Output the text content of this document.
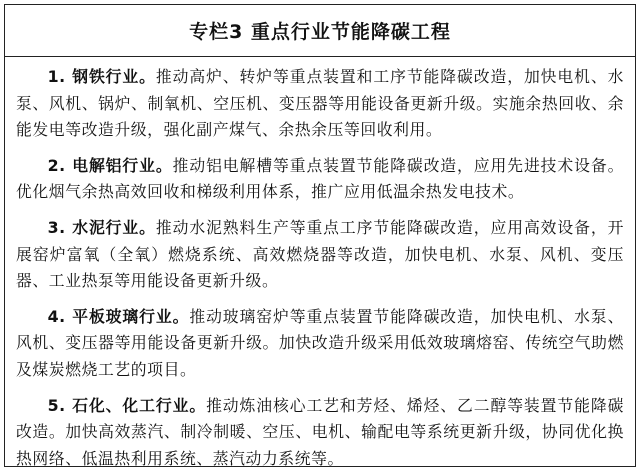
专栏3 重点行业节能降碳工程

1. 钢铁行业。推动高炉、转炉等重点装置和工序节能降碳改造，加快电机、水泵、风机、锅炉、制氧机、空压机、变压器等用能设备更新升级。实施余热回收、余能发电等改造升级，强化副产煤气、余热余压等回收利用。

2. 电解铝行业。推动铝电解槽等重点装置节能降碳改造，应用先进技术设备。优化烟气余热高效回收和梯级利用体系，推广应用低温余热发电技术。

3. 水泥行业。推动水泥熟料生产等重点工序节能降碳改造，应用高效设备，开展窑炉富氧（全氧）燃烧系统、高效燃烧器等改造，加快电机、水泵、风机、变压器、工业热泵等用能设备更新升级。

4. 平板玻璃行业。推动玻璃窑炉等重点装置节能降碳改造，加快电机、水泵、风机、变压器等用能设备更新升级。加快改造升级采用低效玻璃熔窑、传统空气助燃及煤炭燃烧工艺的项目。

5. 石化、化工行业。推动炼油核心工艺和芳烃、烯烃、乙二醇等装置节能降碳改造。加快高效蒸汽、制冷制暖、空压、电机、输配电等系统更新升级，协同优化换热网络、低温热利用系统、蒸汽动力系统等。
